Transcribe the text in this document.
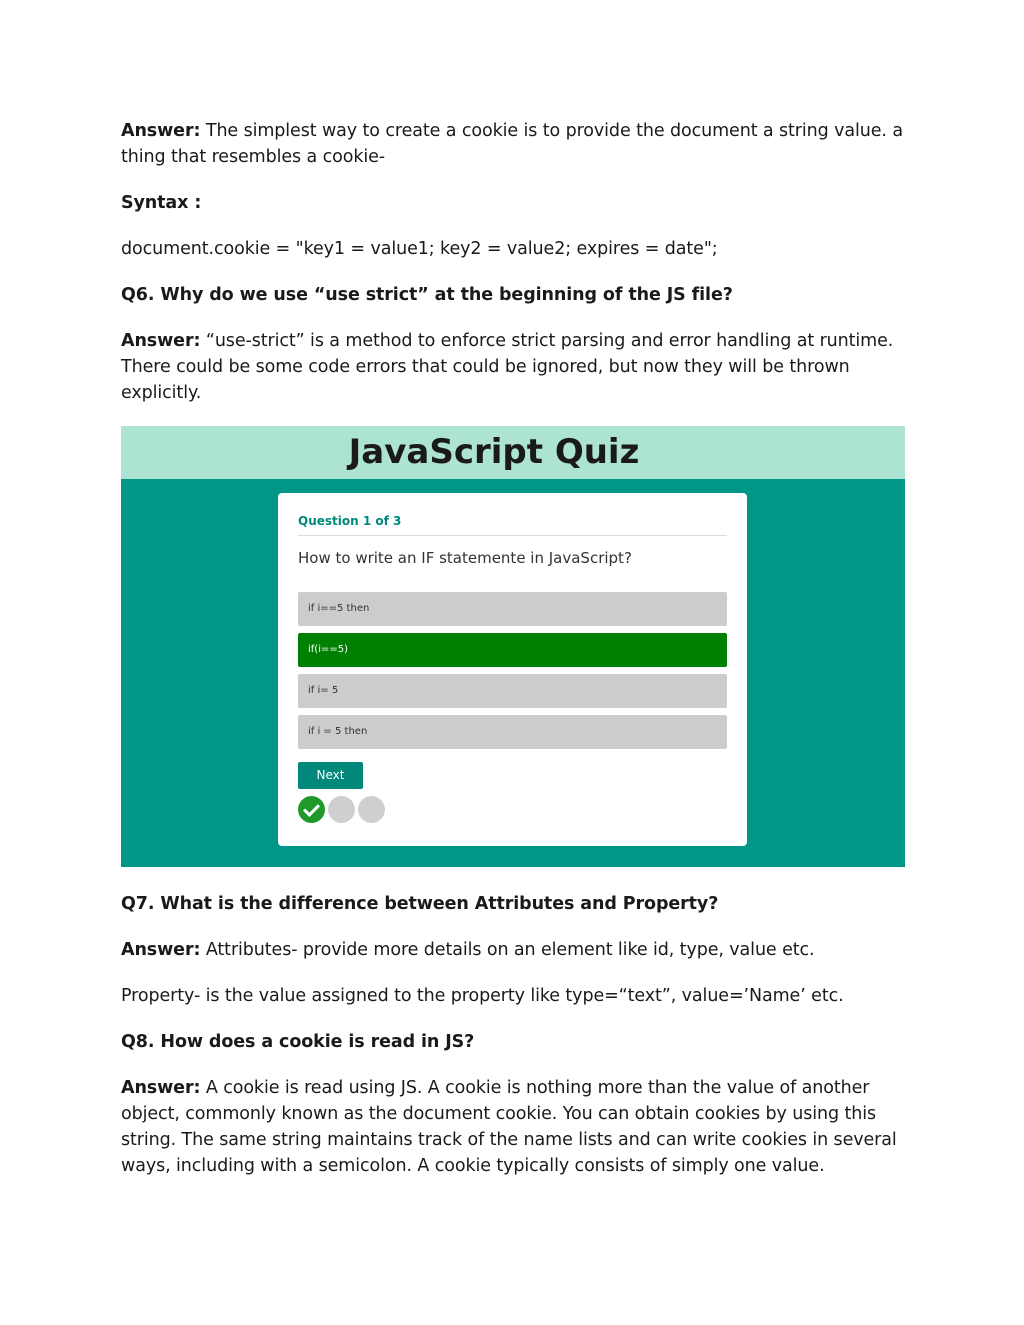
Answer: The simplest way to create a cookie is to provide the document a string value. a thing that resembles a cookie-

Syntax :

document.cookie = "key1 = value1; key2 = value2; expires = date";

Q6. Why do we use “use strict” at the beginning of the JS file?

Answer: “use-strict” is a method to enforce strict parsing and error handling at runtime. There could be some code errors that could be ignored, but now they will be thrown explicitly.

JavaScript Quiz
Question 1 of 3
How to write an IF statemente in JavaScript?
if i==5 then
if(i==5)
if i= 5
if i = 5 then
Next

Q7. What is the difference between Attributes and Property?

Answer: Attributes- provide more details on an element like id, type, value etc.

Property- is the value assigned to the property like type=“text”, value=’Name’ etc.

Q8. How does a cookie is read in JS?

Answer: A cookie is read using JS. A cookie is nothing more than the value of another object, commonly known as the document cookie. You can obtain cookies by using this string. The same string maintains track of the name lists and can write cookies in several ways, including with a semicolon. A cookie typically consists of simply one value.
